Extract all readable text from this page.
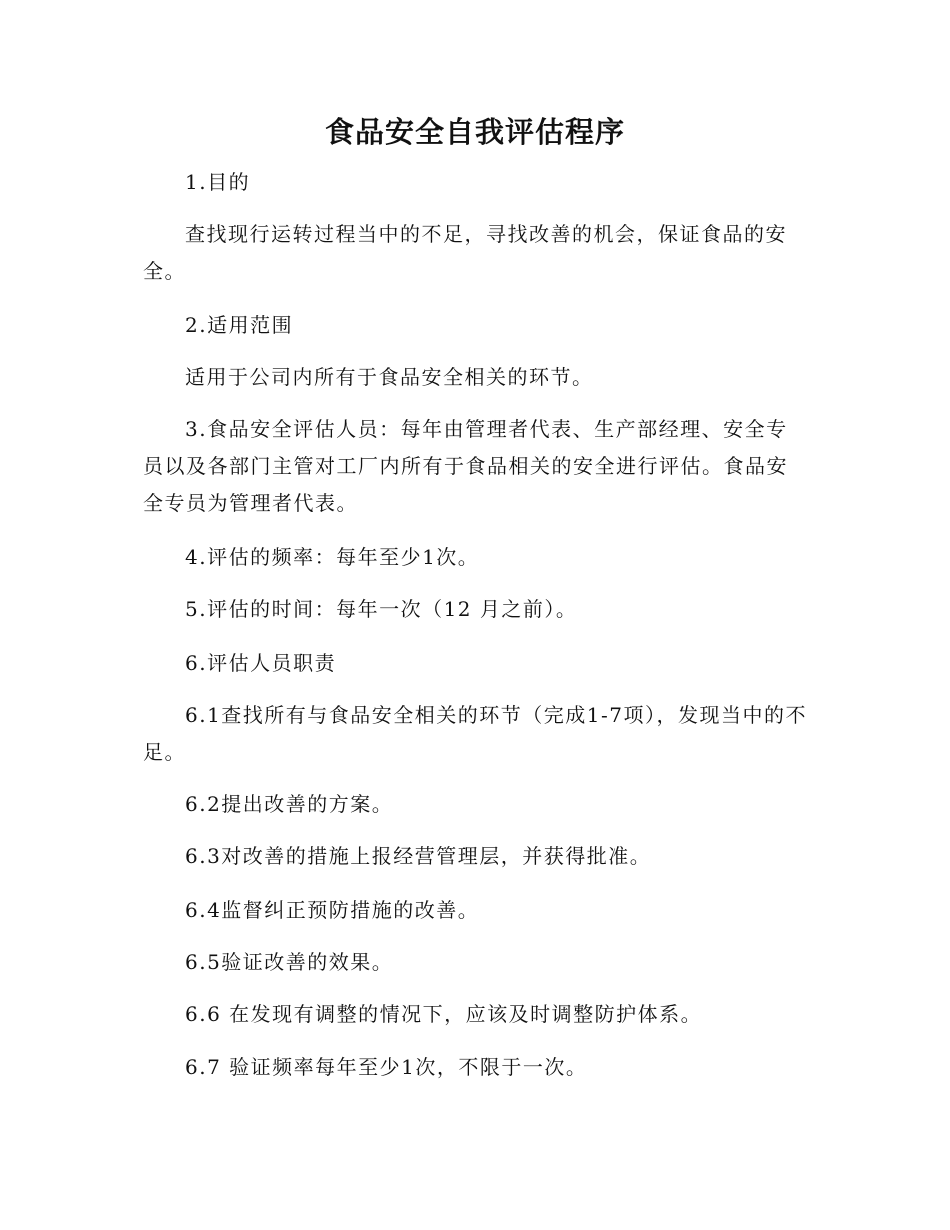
食品安全自我评估程序
1.目的
查找现行运转过程当中的不足，寻找改善的机会，保证食品的安全。
2.适用范围
适用于公司内所有于食品安全相关的环节。
3.食品安全评估人员：每年由管理者代表、生产部经理、安全专员以及各部门主管对工厂内所有于食品相关的安全进行评估。食品安全专员为管理者代表。
4.评估的频率：每年至少1次。
5.评估的时间：每年一次（12 月之前）。
6.评估人员职责
6.1查找所有与食品安全相关的环节（完成1-7项），发现当中的不足。
6.2提出改善的方案。
6.3对改善的措施上报经营管理层，并获得批准。
6.4监督纠正预防措施的改善。
6.5验证改善的效果。
6.6 在发现有调整的情况下，应该及时调整防护体系。
6.7 验证频率每年至少1次，不限于一次。
